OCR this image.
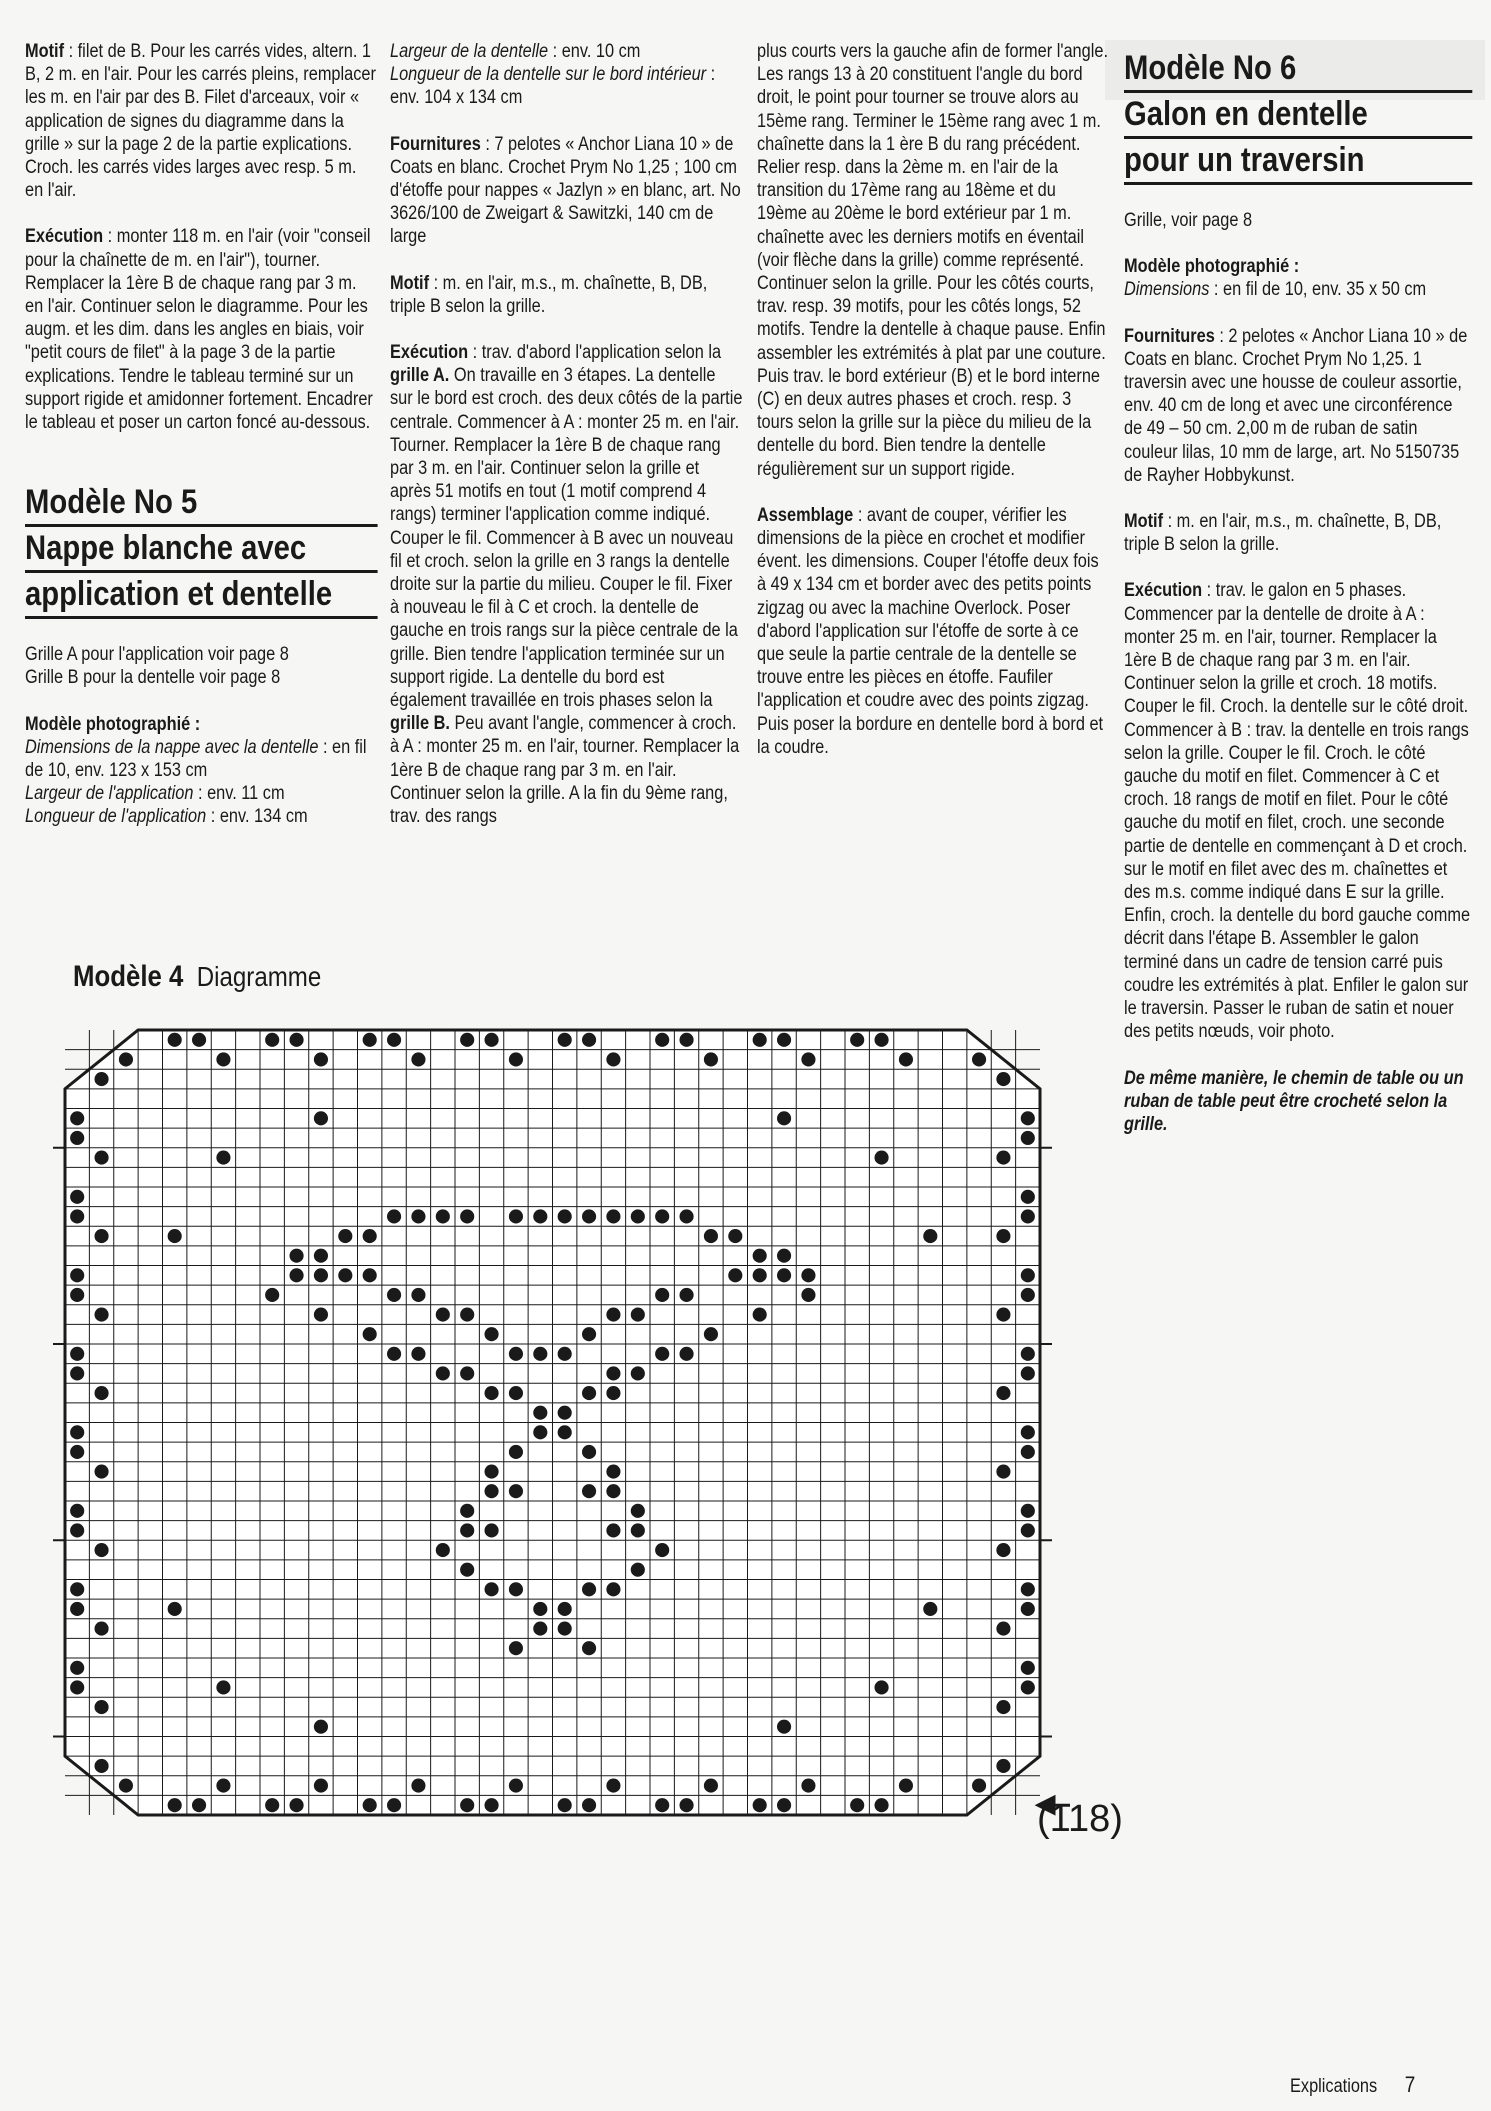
Motif : filet de B. Pour les carrés vides, altern. 1 B, 2 m. en l'air. Pour les carrés pleins, remplacer les m. en l'air par des B. Filet d'arceaux, voir « application de signes du diagramme dans la grille » sur la page 2 de la partie explications. Croch. les carrés vides larges avec resp. 5 m. en l'air.

Exécution : monter 118 m. en l'air (voir "conseil pour la chaînette de m. en l'air"), tourner. Remplacer la 1ère B de chaque rang par 3 m. en l'air. Continuer selon le diagramme. Pour les augm. et les dim. dans les angles en biais, voir "petit cours de filet" à la page 3 de la partie explications. Tendre le tableau terminé sur un support rigide et amidonner fortement. Encadrer le tableau et poser un carton foncé au-dessous.

Modèle No 5
Nappe blanche avec
application et dentelle

Grille A pour l'application voir page 8
Grille B pour la dentelle voir page 8

Modèle photographié :
Dimensions de la nappe avec la dentelle : en fil de 10, env. 123 x 153 cm
Largeur de l'application : env. 11 cm
Longueur de l'application : env. 134 cm

Largeur de la dentelle : env. 10 cm
Longueur de la dentelle sur le bord intérieur : env. 104 x 134 cm

Fournitures : 7 pelotes « Anchor Liana 10 » de Coats en blanc. Crochet Prym No 1,25 ; 100 cm d'étoffe pour nappes « Jazlyn » en blanc, art. No 3626/100 de Zweigart & Sawitzki, 140 cm de large

Motif : m. en l'air, m.s., m. chaînette, B, DB, triple B selon la grille.

Exécution : trav. d'abord l'application selon la grille A. On travaille en 3 étapes. La dentelle sur le bord est croch. des deux côtés de la partie centrale. Commencer à A : monter 25 m. en l'air. Tourner. Remplacer la 1ère B de chaque rang par 3 m. en l'air. Continuer selon la grille et après 51 motifs en tout (1 motif comprend 4 rangs) terminer l'application comme indiqué. Couper le fil. Commencer à B avec un nouveau fil et croch. selon la grille en 3 rangs la dentelle droite sur la partie du milieu. Couper le fil. Fixer à nouveau le fil à C et croch. la dentelle de gauche en trois rangs sur la pièce centrale de la grille. Bien tendre l'application terminée sur un support rigide. La dentelle du bord est également travaillée en trois phases selon la grille B. Peu avant l'angle, commencer à croch. à A : monter 25 m. en l'air, tourner. Remplacer la 1ère B de chaque rang par 3 m. en l'air. Continuer selon la grille. A la fin du 9ème rang, trav. des rangs

plus courts vers la gauche afin de former l'angle. Les rangs 13 à 20 constituent l'angle du bord droit, le point pour tourner se trouve alors au 15ème rang. Terminer le 15ème rang avec 1 m. chaînette dans la 1 ère B du rang précédent. Relier resp. dans la 2ème m. en l'air de la transition du 17ème rang au 18ème et du 19ème au 20ème le bord extérieur par 1 m. chaînette avec les derniers motifs en éventail (voir flèche dans la grille) comme représenté. Continuer selon la grille. Pour les côtés courts, trav. resp. 39 motifs, pour les côtés longs, 52 motifs. Tendre la dentelle à chaque pause. Enfin assembler les extrémités à plat par une couture. Puis trav. le bord extérieur (B) et le bord interne (C) en deux autres phases et croch. resp. 3 tours selon la grille sur la pièce du milieu de la dentelle du bord. Bien tendre la dentelle régulièrement sur un support rigide.

Assemblage : avant de couper, vérifier les dimensions de la pièce en crochet et modifier évent. les dimensions. Couper l'étoffe deux fois à 49 x 134 cm et border avec des petits points zigzag ou avec la machine Overlock. Poser d'abord l'application sur l'étoffe de sorte à ce que seule la partie centrale de la dentelle se trouve entre les pièces en étoffe. Faufiler l'application et coudre avec des points zigzag. Puis poser la bordure en dentelle bord à bord et la coudre.

Modèle No 6
Galon en dentelle
pour un traversin

Grille, voir page 8

Modèle photographié :
Dimensions : en fil de 10, env. 35 x 50 cm

Fournitures : 2 pelotes « Anchor Liana 10 » de Coats en blanc. Crochet Prym No 1,25. 1 traversin avec une housse de couleur assortie, env. 40 cm de long et avec une circonférence de 49 – 50 cm. 2,00 m de ruban de satin couleur lilas, 10 mm de large, art. No 5150735 de Rayher Hobbykunst.

Motif : m. en l'air, m.s., m. chaînette, B, DB, triple B selon la grille.

Exécution : trav. le galon en 5 phases. Commencer par la dentelle de droite à A : monter 25 m. en l'air, tourner. Remplacer la 1ère B de chaque rang par 3 m. en l'air. Continuer selon la grille et croch. 18 motifs. Couper le fil. Croch. la dentelle sur le côté droit. Commencer à B : trav. la dentelle en trois rangs selon la grille. Couper le fil. Croch. le côté gauche du motif en filet. Commencer à C et croch. 18 rangs de motif en filet. Pour le côté gauche du motif en filet, croch. une seconde partie de dentelle en commençant à D et croch. sur le motif en filet avec des m. chaînettes et des m.s. comme indiqué dans E sur la grille. Enfin, croch. la dentelle du bord gauche comme décrit dans l'étape B. Assembler le galon terminé dans un cadre de tension carré puis coudre les extrémités à plat. Enfiler le galon sur le traversin. Passer le ruban de satin et nouer des petits nœuds, voir photo.

De même manière, le chemin de table ou un ruban de table peut être crocheté selon la grille.

Modèle 4 Diagramme
(118)
Explications 7
